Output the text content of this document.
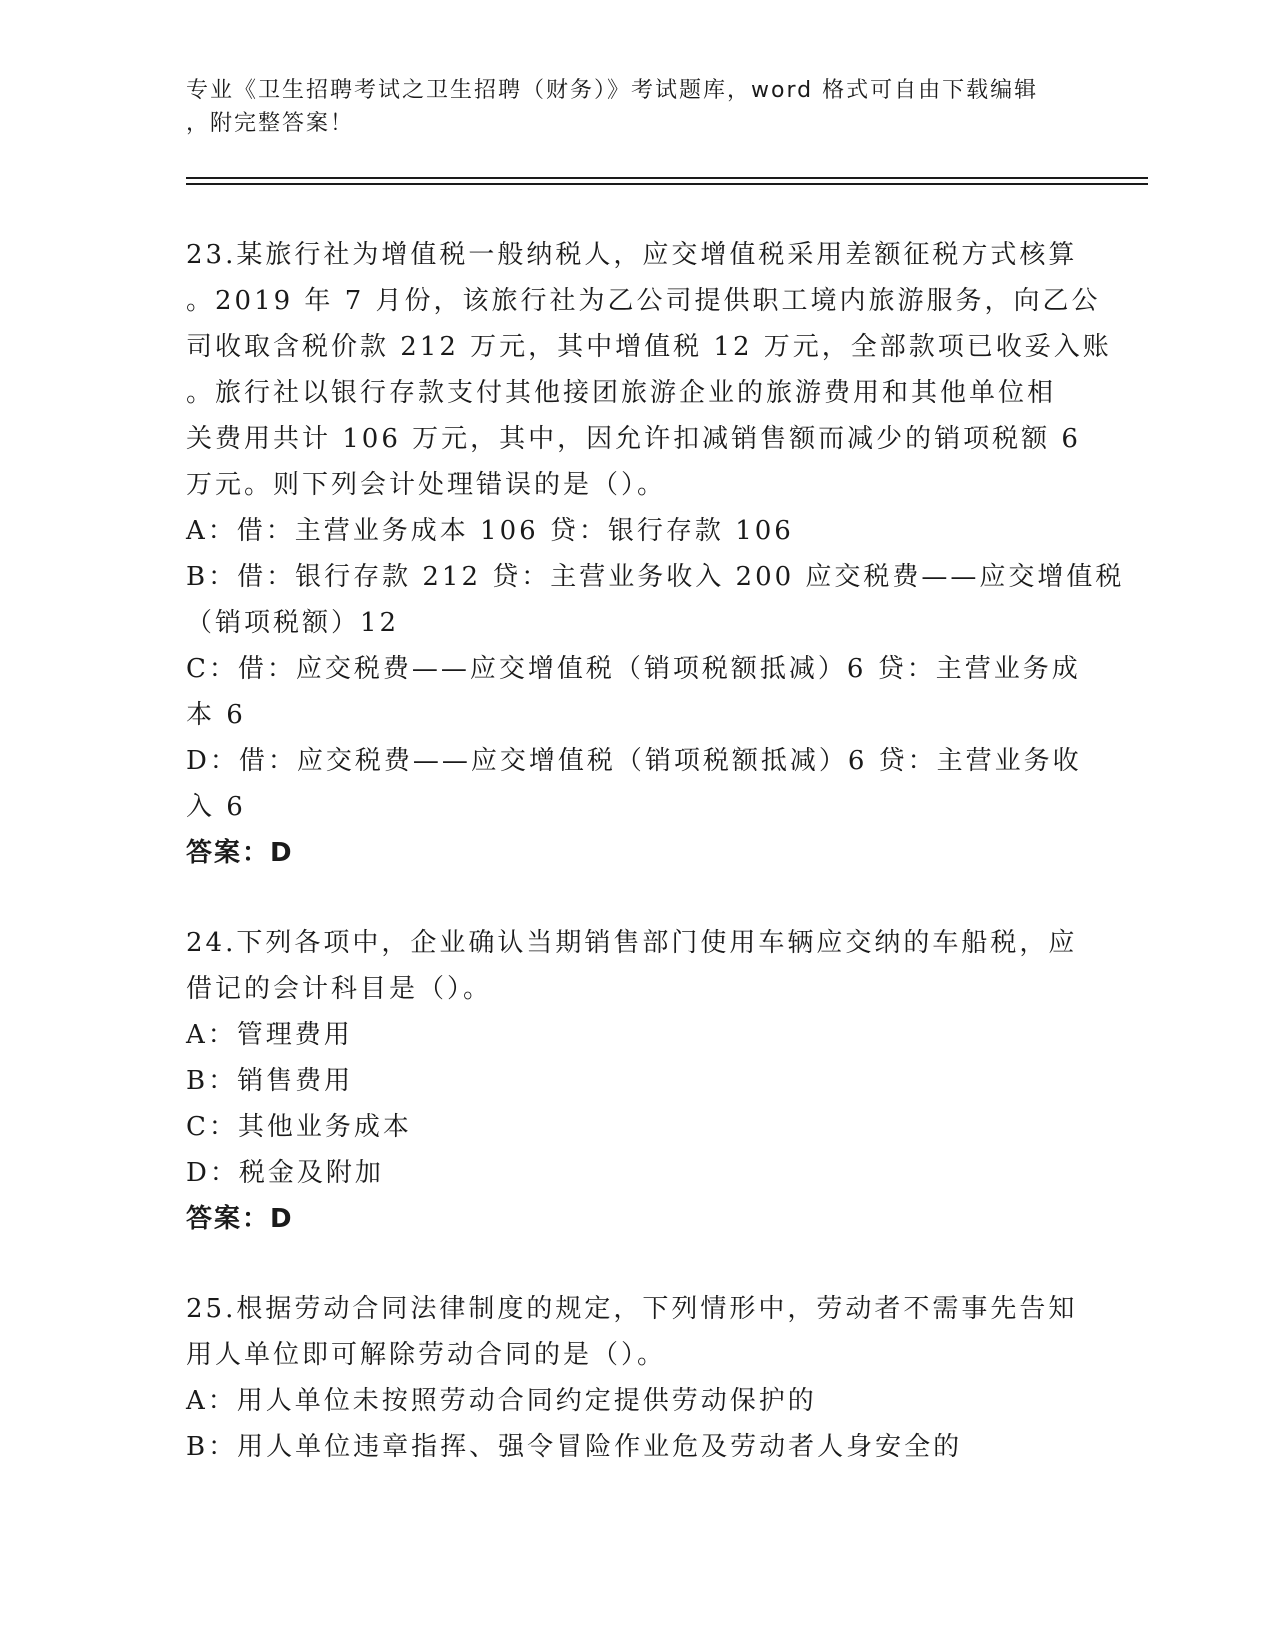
专业《卫生招聘考试之卫生招聘（财务）》考试题库，word 格式可自由下载编辑
，附完整答案！
23.某旅行社为增值税一般纳税人，应交增值税采用差额征税方式核算
。2019 年 7 月份，该旅行社为乙公司提供职工境内旅游服务，向乙公
司收取含税价款 212 万元，其中增值税 12 万元，全部款项已收妥入账
。旅行社以银行存款支付其他接团旅游企业的旅游费用和其他单位相
关费用共计 106 万元，其中，因允许扣减销售额而减少的销项税额 6
万元。则下列会计处理错误的是（）。
A：借：主营业务成本 106 贷：银行存款 106
B：借：银行存款 212 贷：主营业务收入 200 应交税费——应交增值税
（销项税额）12
C：借：应交税费——应交增值税（销项税额抵减）6 贷：主营业务成
本 6
D：借：应交税费——应交增值税（销项税额抵减）6 贷：主营业务收
入 6
答案：D
24.下列各项中，企业确认当期销售部门使用车辆应交纳的车船税，应
借记的会计科目是（）。
A：管理费用
B：销售费用
C：其他业务成本
D：税金及附加
答案：D
25.根据劳动合同法律制度的规定，下列情形中，劳动者不需事先告知
用人单位即可解除劳动合同的是（）。
A：用人单位未按照劳动合同约定提供劳动保护的
B：用人单位违章指挥、强令冒险作业危及劳动者人身安全的
